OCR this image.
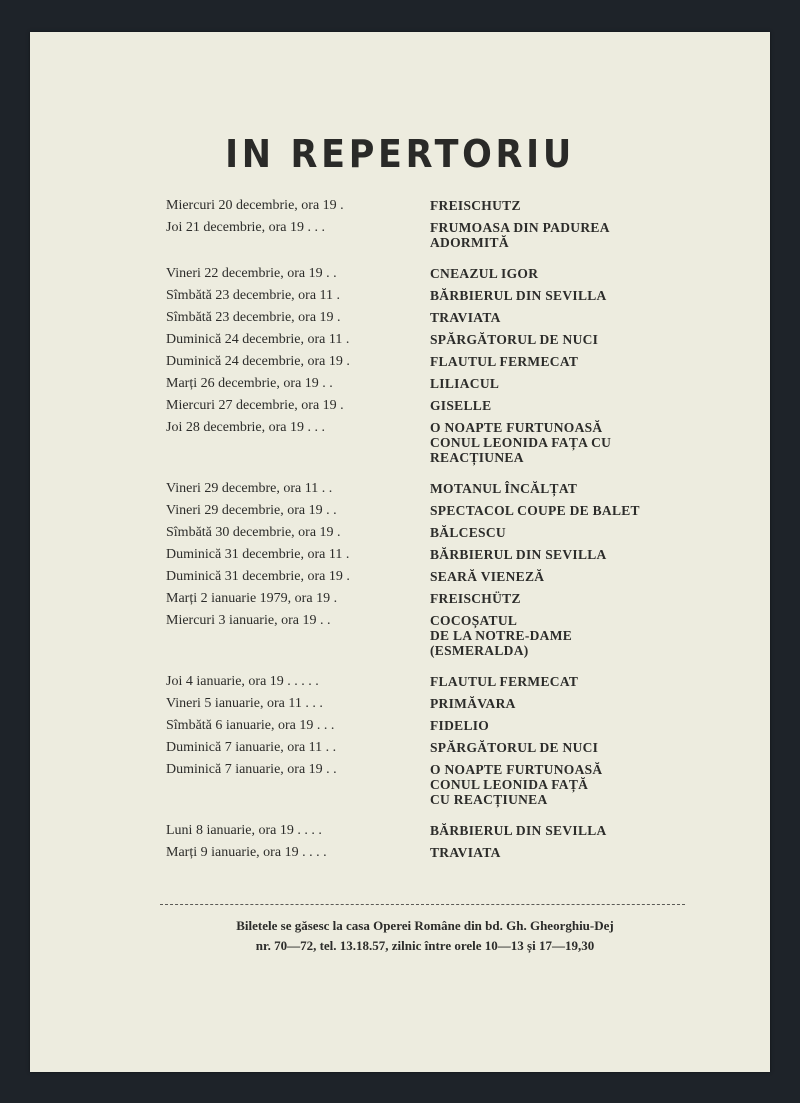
IN REPERTORIU
Miercuri 20 decembrie, ora 19 .	FREISCHUTZ
Joi 21 decembrie, ora 19 . . .	FRUMOASA DIN PADUREA
ADORMITĂ
Vineri 22 decembrie, ora 19 . .	CNEAZUL IGOR
Sîmbătă 23 decembrie, ora 11 .	BĂRBIERUL DIN SEVILLA
Sîmbătă 23 decembrie, ora 19 .	TRAVIATA
Duminică 24 decembrie, ora 11 .	SPĂRGĂTORUL DE NUCI
Duminică 24 decembrie, ora 19 .	FLAUTUL FERMECAT
Marți 26 decembrie, ora 19 . .	LILIACUL
Miercuri 27 decembrie, ora 19 .	GISELLE
Joi 28 decembrie, ora 19 . . .	O NOAPTE FURTUNOASĂ
CONUL LEONIDA FAȚA CU
REACȚIUNEA
Vineri 29 decembre, ora 11 . .	MOTANUL ÎNCĂLȚAT
Vineri 29 decembrie, ora 19 . .	SPECTACOL COUPE DE BALET
Sîmbătă 30 decembrie, ora 19 .	BĂLCESCU
Duminică 31 decembrie, ora 11 .	BĂRBIERUL DIN SEVILLA
Duminică 31 decembrie, ora 19 .	SEARĂ VIENEZĂ
Marți 2 ianuarie 1979, ora 19 .	FREISCHÜTZ
Miercuri 3 ianuarie, ora 19 . .	COCOȘATUL
DE LA NOTRE-DAME
(ESMERALDA)
Joi 4 ianuarie, ora 19 . . . . .	FLAUTUL FERMECAT
Vineri 5 ianuarie, ora 11 . . .	PRIMĂVARA
Sîmbătă 6 ianuarie, ora 19 . . .	FIDELIO
Duminică 7 ianuarie, ora 11 . .	SPĂRGĂTORUL DE NUCI
Duminică 7 ianuarie, ora 19 . .	O NOAPTE FURTUNOASĂ
CONUL LEONIDA FAȚĂ
CU REACȚIUNEA
Luni 8 ianuarie, ora 19 . . . .	BĂRBIERUL DIN SEVILLA
Marți 9 ianuarie, ora 19 . . . .	TRAVIATA
Biletele se găsesc la casa Operei Române din bd. Gh. Gheorghiu-Dej
nr. 70—72, tel. 13.18.57, zilnic între orele 10—13 și 17—19,30
